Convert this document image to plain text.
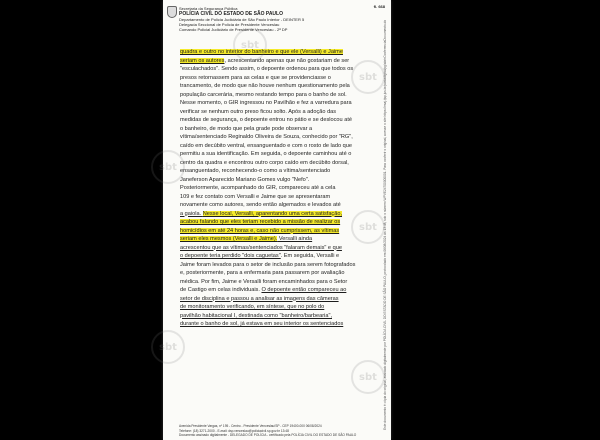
sbt
sbt
sbt
sbt
sbt
sbt
fl. 668
Secretaria da Segurança Pública
POLÍCIA CIVIL DO ESTADO DE SÃO PAULO
Departamento de Polícia Judiciária de São Paulo Interior - DEINTER 5
Delegacia Seccional de Polícia de Presidente Venceslau
Comando Policial Judiciário de Presidente Venceslau - 2ª DP
quadra e outro no interior do banheiro e que ele (Versalli) e Jaime
seriam os autores, acrescentando apenas que não gostariam de ser
"esculachados". Sendo assim, o depoente ordenou para que todos os
presos retornassem para as celas e que se providenciasse o
trancamento, de modo que não houve nenhum questionamento pela
população carcerária, mesmo restando tempo para o banho de sol.
Nesse momento, o GIR ingressou no Pavilhão e fez a varredura para
verificar se nenhum outro preso ficou solto. Após a adoção das
medidas de segurança, o depoente entrou no pátio e se deslocou até
o banheiro, de modo que pela grade pode observar a
vítima/sentenciado Reginaldo Oliveira de Souza, conhecido por "RG",
caído em decúbito ventral, ensanguentado e com o rosto de lado que
permitiu a sua identificação. Em seguida, o depoente caminhou até o
centro da quadra e encontrou outro corpo caído em decúbito dorsal,
ensanguentado, reconhecendo-o como a vítima/sentenciado
Janeferson Aparecido Mariano Gomes vulgo "Nefo".
Posteriormente, acompanhado do GIR, compareceu até a cela
109 e fez contato com Versalli e Jaime que se apresentaram
novamente como autores, sendo então algemados e levados até
a gaiola. Nesse local, Versalli, aparentando uma certa satisfação,
acabou falando que eles teriam recebido a missão de realizar os
homicídios em até 24 horas e, caso não cumprissem, as vítimas
seriam eles mesmos (Versalli e Jaime). Versalli ainda
acrescentou que as vítimas/sentenciados "falaram demais" e que
o depoente teria perdido "dois caguetas". Em seguida, Versalli e
Jaime foram levados para o setor de inclusão para serem fotografados
e, posteriormente, para a enfermaria para passarem por avaliação
médica. Por fim, Jaime e Versalli foram encaminhados para o Setor
de Castigo em celas individuais. O depoente então compareceu ao
setor de disciplina e passou a analisar as imagens das câmeras
de monitoramento verificando, em síntese, que no polo do
pavilhão habitacional I, destinada como "banheiro/barbearia",
durante o banho de sol, já estava em seu interior os sentenciados
Avenida Presidente Vargas, nº 195 - Centro - Presidente Venceslau/SP - CEP 19400-000 06/08/2024
Telefone: (18) 3271-2000 - E-mail: dsp.venceslau@policiacivil.sp.gov.br 13:48
Documento assinado digitalmente - DELEGADO DE POLÍCIA - certificado pela POLÍCIA CIVIL DO ESTADO DE SÃO PAULO
Este documento é cópia do original, assinado digitalmente por POLÍCIA CIVIL DO ESTADO DE SÃO PAULO, protocolado em 06/08/2024 às 13:48, sob o número WPVE24700000001. Para conferir o original, acesse o site https://esaj.tjsp.jus.br/pastadigital/pg/abrirConferenciaDocumento.do
